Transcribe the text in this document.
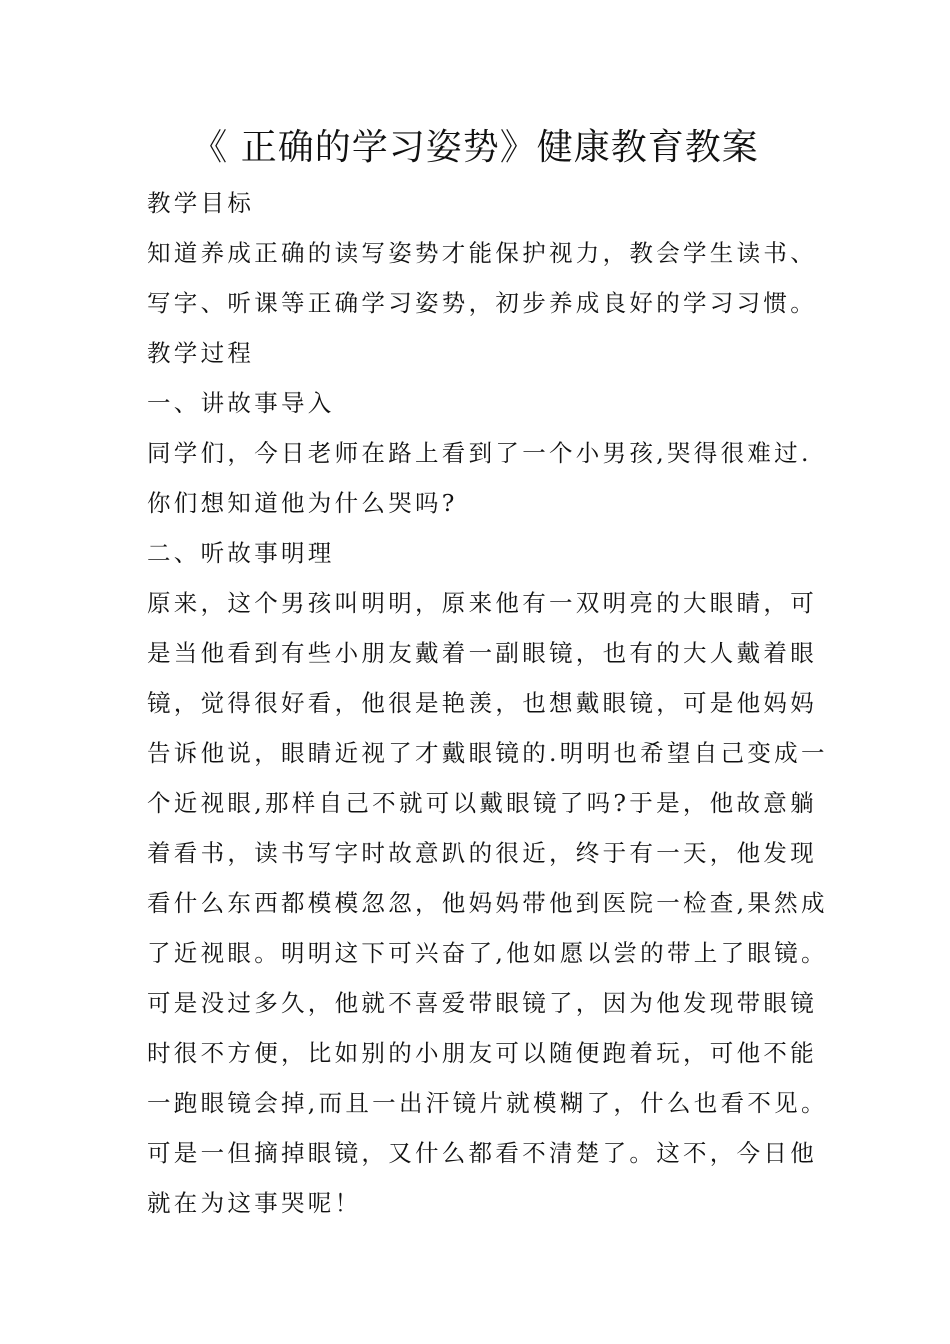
《 正确的学习姿势》健康教育教案
教学目标
知道养成正确的读写姿势才能保护视力，教会学生读书、
写字、听课等正确学习姿势，初步养成良好的学习习惯。
教学过程
一、讲故事导入
同学们，今日老师在路上看到了一个小男孩,哭得很难过.
你们想知道他为什么哭吗?
二、听故事明理
原来，这个男孩叫明明，原来他有一双明亮的大眼睛，可
是当他看到有些小朋友戴着一副眼镜，也有的大人戴着眼
镜，觉得很好看，他很是艳羡，也想戴眼镜，可是他妈妈
告诉他说，眼睛近视了才戴眼镜的.明明也希望自己变成一
个近视眼,那样自己不就可以戴眼镜了吗?于是，他故意躺
着看书，读书写字时故意趴的很近，终于有一天，他发现
看什么东西都模模忽忽，他妈妈带他到医院一检查,果然成
了近视眼。明明这下可兴奋了,他如愿以尝的带上了眼镜。
可是没过多久，他就不喜爱带眼镜了，因为他发现带眼镜
时很不方便，比如别的小朋友可以随便跑着玩，可他不能
一跑眼镜会掉,而且一出汗镜片就模糊了，什么也看不见。
可是一但摘掉眼镜，又什么都看不清楚了。这不，今日他
就在为这事哭呢！
